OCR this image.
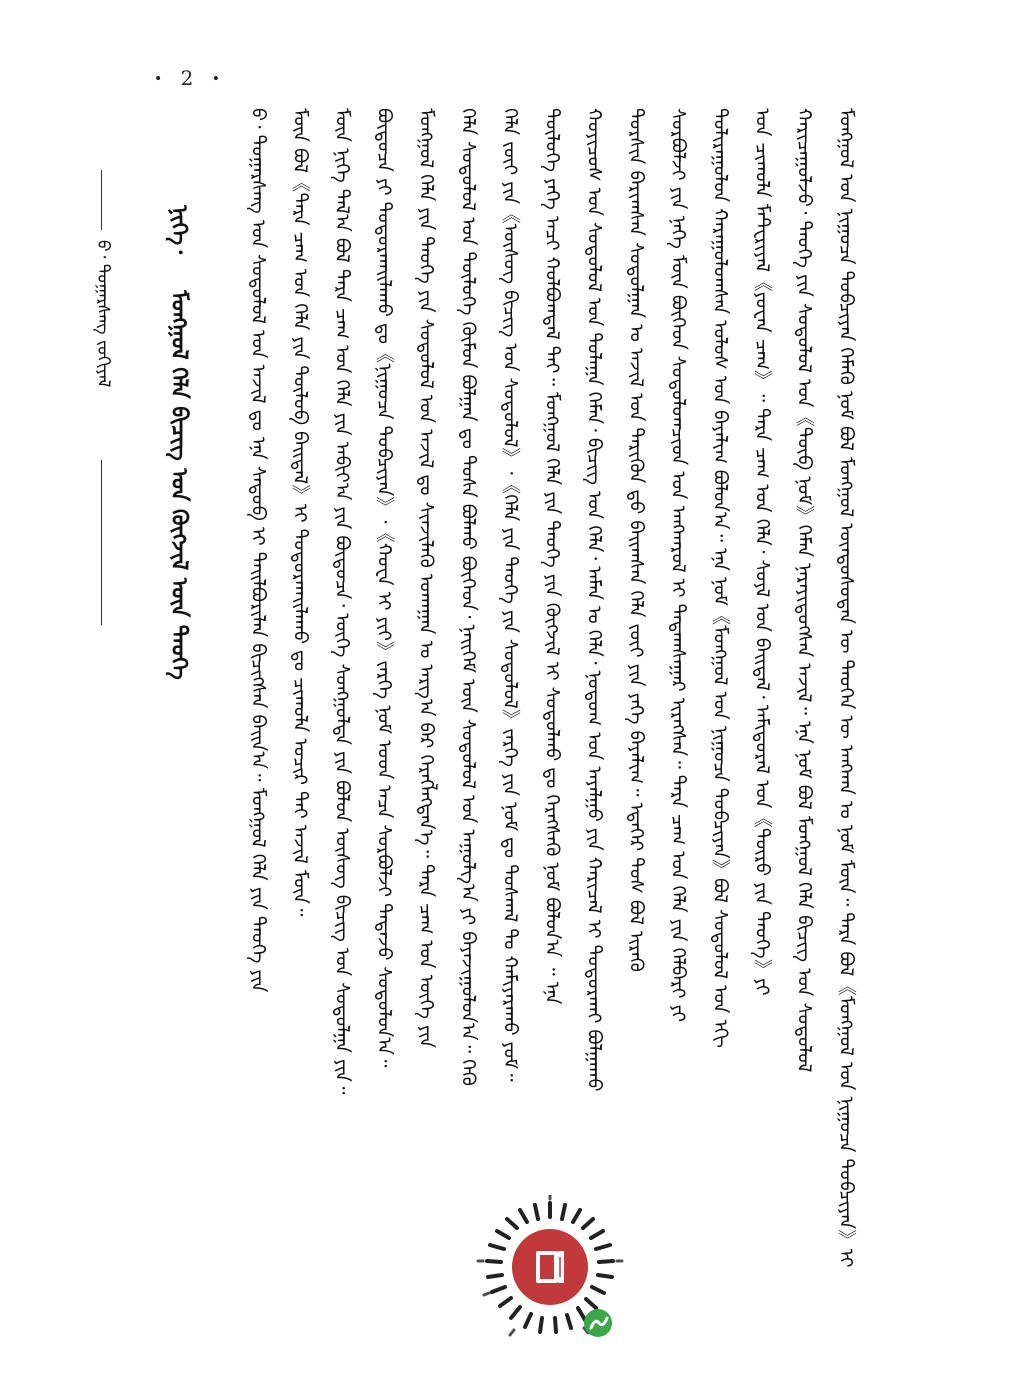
• 2 •
ᠪ᠂ ᠳᠤᠭᠠᠷᠰᠡᠩ ᠵᠣᠬᠢᠶᠠᠯ
ᠨᠢᠭᠡ᠂
ᠮᠣᠩᠭᠣᠯ ᠬᠡᠯᠡ ᠪᠢᠴᠢᠭ᠌ ᠤᠨ ᠬᠥᠭᠵᠢᠯ ᠦᠨ ᠲᠡᠦᠬᠡ	ᠪ᠂ ᠳᠤᠭᠠᠷᠰᠡᠩ ᠤᠨ ᠰᠤᠳᠤᠯᠤᠯ ᠤᠨ ᠠᠵᠢᠯ ᠳᠤ ᠡᠨᠡ ᠰᠡᠳᠦᠪ ᠢ ᠲᠠᠢᠯᠪᠤᠷᠢᠯᠠᠨ ᠪᠢᠴᠢᠭᠰᠡᠨ ᠪᠠᠢᠨ᠎ᠠ᠃ ᠮᠣᠩᠭᠣᠯ ᠬᠡᠯᠡ ᠶᠢᠨ ᠲᠡᠦᠬᠡ ᠶᠢᠨ ᠮᠥᠨ ᠪᠣᠯ《ᠲᠡᠷᠡ ᠴᠠᠭ ᠤᠨ ᠬᠡᠯᠡ ᠶᠢᠨ ᠲᠥᠯᠥᠪ ᠪᠠᠢᠳᠠᠯ》ᠢ ᠲᠣᠳᠤᠷᠬᠠᠢᠯᠠᠬᠤ ᠳᠤ ᠴᠢᠬᠤᠯᠠ ᠤᠴᠢᠷ ᠲᠠᠢ ᠠᠵᠢᠯ ᠮᠥᠨ᠃ ᠮᠥᠨ ᠨᠢᠭᠡ ᠲᠠᠯ᠎ᠠ ᠪᠣᠯ ᠲᠡᠷᠡ ᠴᠠᠭ ᠤᠨ ᠬᠡᠯᠡ ᠶᠢᠨ ᠠᠪᠢᠶ᠎ᠠ ᠶᠢᠨ ᠪᠦᠲᠦᠴᠡ᠂ ᠦᠭᠡ ᠰᠤᠩᠭᠤᠯᠲᠠ ᠶᠢᠨ ᠪᠣᠯᠤᠨ ᠦᠰᠦᠭ ᠪᠢᠴᠢᠭ᠌ ᠤᠨ ᠰᠤᠳᠤᠯᠭᠠ ᠶᠢᠨ᠃ ᠪᠦᠲᠦᠴᠡ ᠶᠢ ᠲᠣᠳᠤᠷᠬᠠᠢᠯᠠᠬᠤ ᠳᠤ《ᠨᠢᠭᠤᠴᠠ ᠲᠣᠪᠴᠢᠶᠠᠨ》᠂《ᠬᠤᠸᠠ ᠢ ᠶᠢᠢ》ᠵᠡᠷᠭᠡ ᠨᠣᠮ ᠤᠳ ᠠᠴᠠ ᠰᠤᠷᠪᠤᠯᠵᠢ ᠲᠠᠲᠠᠵᠤ ᠰᠤᠳᠤᠯᠤᠨ᠎ᠠ᠃ ᠮᠣᠩᠭᠣᠯ ᠬᠡᠯᠡ ᠶᠢᠨ ᠲᠡᠦᠬᠡ ᠶᠢᠨ ᠰᠤᠳᠤᠯᠤᠯ ᠤᠨ ᠠᠵᠢᠯ ᠳᠤ ᠰᠢᠨᠵᠢᠯᠡᠬᠦ ᠤᠬᠠᠭᠠᠨ ᠤ ᠠᠷᠭ᠎ᠠ ᠪᠠᠷ ᠬᠡᠷᠡᠭᠯᠡᠭᠳᠡᠨ᠎ᠡ᠃ ᠲᠡᠷᠡ ᠴᠠᠭ ᠤᠨ ᠦᠭᠡ ᠶᠢᠨ ᠬᠡᠯᠡ ᠰᠤᠳᠤᠯᠤᠯ ᠤᠨ ᠲᠥᠯᠥᠭᠡ ᠬᠦᠮᠦᠨ ᠪᠣᠯᠭᠠᠨ ᠳᠤ ᠲᠤᠰᠠ ᠪᠣᠯᠬᠤ ᠪᠥᠭᠡᠳ᠂ ᠨᠡᠢᠭᠡᠮ ᠦᠨ ᠰᠤᠳᠤᠯᠤᠯ ᠤᠨ ᠠᠭᠤᠯᠭ᠎ᠠ ᠶᠢ ᠪᠠᠶᠠᠵᠢᠭᠤᠯᠤᠨ᠎ᠠ᠃ ᠭᠡᠬᠦ ᠬᠡᠯᠡ ᠵᠦᠢ ᠶᠢᠨ《ᠦᠰᠦᠭ ᠪᠢᠴᠢᠭ᠌ ᠤᠨ ᠰᠤᠳᠤᠯᠤᠯ》᠂《ᠬᠡᠯᠡ ᠶᠢᠨ ᠲᠡᠦᠬᠡ ᠶᠢᠨ ᠰᠤᠳᠤᠯᠤᠯ》ᠵᠡᠷᠭᠡ ᠶᠢᠨ ᠨᠣᠮ ᠳᠤ ᠲᠤᠰᠬᠠᠯ ᠲᠤ ᠬᠠᠮᠢᠶᠠᠷᠠᠬᠤ ᠶᠤᠮ᠃ ᠲᠥᠯᠥᠭᠡ ᠶᠡᠬᠡ ᠠᠴᠢ ᠬᠣᠯᠪᠣᠭᠳᠠᠯ ᠲᠠᠢ᠃ ᠮᠣᠩᠭᠣᠯ ᠬᠡᠯᠡ ᠶᠢᠨ ᠲᠡᠦᠬᠡ ᠶᠢᠨ ᠬᠥᠭᠵᠢᠯ ᠢ ᠰᠤᠳᠤᠯᠬᠤ ᠳᠤ ᠬᠡᠷᠡᠭᠰᠡᠬᠦ ᠨᠣᠮ ᠪᠣᠯᠤᠨ᠎ᠠ ᠃ ᠡᠨᠡ ᠬᠣᠶᠢᠴᠤᠰ ᠤᠨ ᠰᠤᠳᠤᠯᠤᠯ ᠤᠨ ᠲᠤᠯᠠᠭᠠ ᠬᠡᠮᠡᠨ᠂ ᠪᠢᠴᠢᠭ᠌ ᠤᠨ ᠬᠡᠯᠡ᠂ ᠠᠮᠠᠨ ᠤ ᠬᠡᠯᠡ᠂ ᠨᠤᠲᠤᠭ ᠤᠨ ᠠᠶᠠᠯᠭᠤ ᠶᠢᠨ ᠬᠠᠷᠢᠴᠠᠯ ᠢ ᠲᠣᠳᠤᠷᠬᠠᠢ ᠪᠣᠯᠭᠠᠬᠤ ᠲᠤᠷᠰᠢᠨ ᠪᠠᠷᠢᠭᠰᠠᠨ ᠰᠤᠳᠤᠯᠭᠠᠨ ᠤ ᠠᠵᠢᠯ ᠤᠨ ᠲᠡᠷᠢᠭᠦᠨ ᠳ᠋ᠦ ᠪᠠᠢᠭᠰᠠᠨ ᠬᠡᠯᠡ ᠵᠦᠢ ᠶᠢᠨ ᠶᠡᠬᠡ ᠪᠠᠶᠠᠯᠢᠭ᠃ ᠡᠳᠡᠭᠡᠷ ᠲᠤᠰ ᠪᠣᠯ ᠢᠷᠡᠬᠦ ᠰᠤᠷᠪᠤᠯᠵᠢ ᠶᠢᠨ ᠨᠡᠭᠡ ᠮᠥᠨ ᠪᠥᠭᠡᠳ ᠰᠤᠳᠤᠯᠤᠭᠴᠢᠳ ᠤᠨ ᠠᠩᠬᠠᠷᠤᠯ ᠢ ᠲᠠᠲᠠᠭᠰᠠᠭᠠᠷ ᠢᠷᠡᠭᠰᠡᠨ᠃ ᠲᠡᠷᠡ ᠴᠠᠭ ᠤᠨ ᠬᠡᠯᠡ ᠶᠢᠨ ᠬᠡᠯᠪᠡᠷᠢ ᠶᠢ ᠲᠤᠯᠢᠷᠠᠭᠤᠯᠤᠨ ᠬᠠᠷᠠᠭᠤᠯᠤᠭᠰᠠᠨ ᠤᠯᠤᠰ ᠤᠨ ᠪᠠᠶᠠᠯᠢᠭ ᠪᠣᠯᠤᠨ᠎ᠠ᠃ ᠡᠨᠡ ᠨᠣᠮ《ᠮᠣᠩᠭᠣᠯ ᠤᠨ ᠨᠢᠭᠤᠴᠠ ᠲᠣᠪᠴᠢᠶᠠᠨ》ᠪᠣᠯ ᠰᠤᠳᠤᠯᠤᠯ ᠤᠨ ᠡᠬᠢ ᠤᠨ ᠴᠢᠬᠤᠯᠠ ᠮᠠᠲ᠋ᠧᠷᠢᠶᠠᠯ《ᠶᠤᠸᠠᠨ ᠴᠠᠭ》᠃ ᠲᠡᠷᠡ ᠴᠠᠭ ᠤᠨ ᠬᠡᠯᠡ᠂ ᠰᠤᠶᠯ ᠤᠨ ᠪᠠᠢᠳᠠᠯ᠂ ᠠᠮᠢᠳᠤᠷᠠᠯ ᠤᠨ《ᠲᠥᠷᠦ ᠶᠢᠨ ᠲᠡᠦᠬᠡ》ᠶᠢ ᠬᠠᠷᠢᠴᠠᠭᠤᠯᠵᠤ᠂ ᠲᠡᠦᠬᠡ ᠶᠢᠨ ᠰᠤᠳᠤᠯᠤᠯ ᠤᠨ《ᠲᠥᠪ ᠨᠣᠮ》ᠬᠡᠮᠡᠨ ᠨᠡᠷᠡᠶᠢᠳᠦᠭᠰᠡᠨ ᠠᠵᠢᠯ᠃ ᠡᠨᠡ ᠨᠣᠮ ᠪᠣᠯ ᠮᠣᠩᠭᠣᠯ ᠬᠡᠯᠡ ᠪᠢᠴᠢᠭ᠌ ᠤᠨ ᠰᠤᠳᠤᠯᠤᠯ ᠮᠣᠩᠭᠣᠯ ᠤᠨ ᠨᠢᠭᠤᠴᠠ ᠲᠣᠪᠴᠢᠶᠠᠨ ᠬᠡᠮᠡᠬᠦ ᠨᠣᠮ ᠪᠣᠯ ᠮᠣᠩᠭᠣᠯ ᠦᠨᠳᠦᠰᠦᠲᠡᠨ ᠦ ᠲᠡᠦᠬᠡᠨ ᠦ ᠠᠩᠬᠠᠨ ᠤ ᠨᠣᠮ ᠮᠥᠨ᠃ ᠲᠡᠷᠡ ᠪᠣᠯ《ᠮᠣᠩᠭᠣᠯ ᠤᠨ ᠨᠢᠭᠤᠴᠠ ᠲᠣᠪᠴᠢᠶᠠᠨ》ᠢ
